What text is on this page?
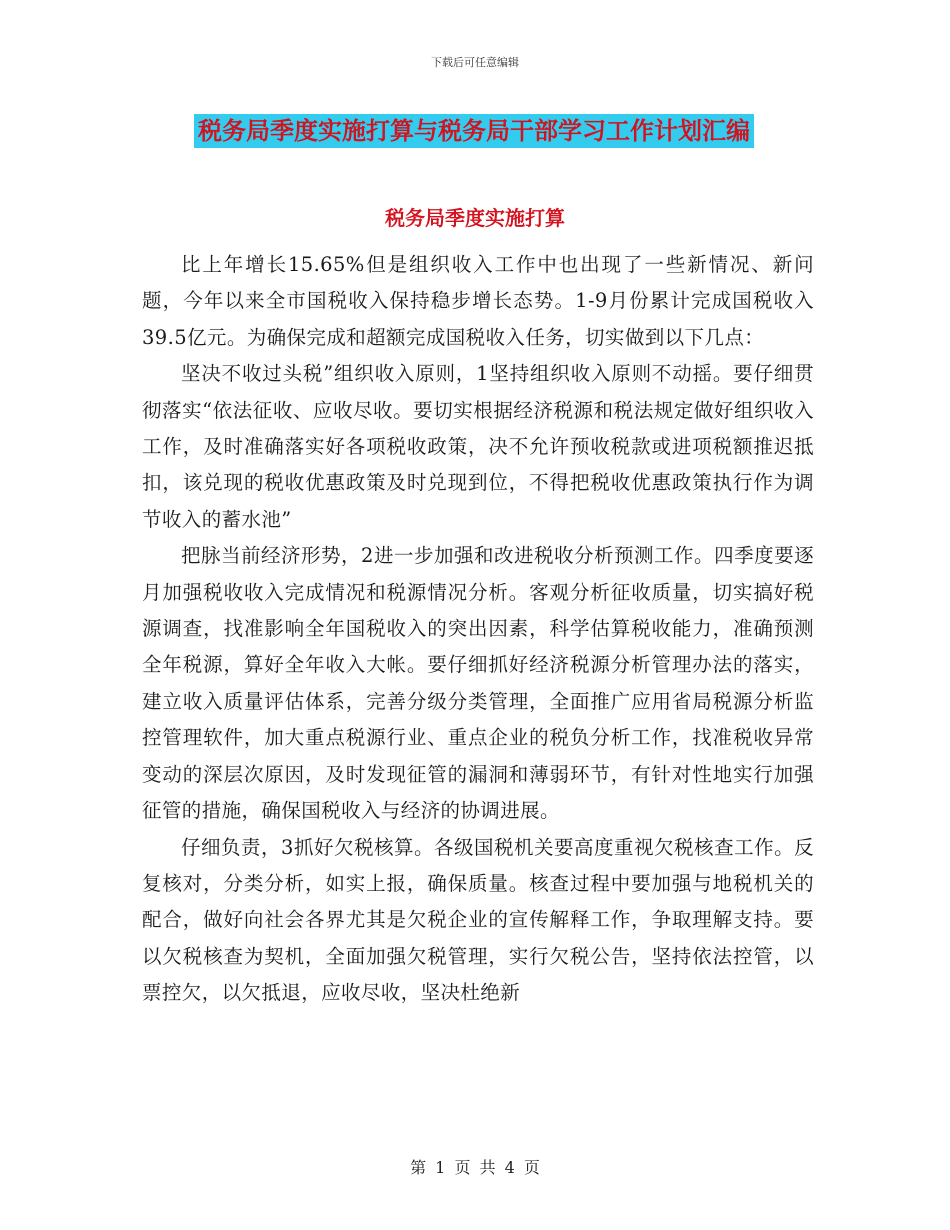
下载后可任意编辑
税务局季度实施打算与税务局干部学习工作计划汇编
税务局季度实施打算

比上年增长15.65%但是组织收入工作中也出现了一些新情况、新问题，今年以来全市国税收入保持稳步增长态势。1-9月份累计完成国税收入39.5亿元。为确保完成和超额完成国税收入任务，切实做到以下几点：

坚决不收过头税”组织收入原则，1坚持组织收入原则不动摇。要仔细贯彻落实“依法征收、应收尽收。要切实根据经济税源和税法规定做好组织收入工作，及时准确落实好各项税收政策，决不允许预收税款或进项税额推迟抵扣，该兑现的税收优惠政策及时兑现到位，不得把税收优惠政策执行作为调节收入的蓄水池”

把脉当前经济形势，2进一步加强和改进税收分析预测工作。四季度要逐月加强税收收入完成情况和税源情况分析。客观分析征收质量，切实搞好税源调查，找准影响全年国税收入的突出因素，科学估算税收能力，准确预测全年税源，算好全年收入大帐。要仔细抓好经济税源分析管理办法的落实，建立收入质量评估体系，完善分级分类管理，全面推广应用省局税源分析监控管理软件，加大重点税源行业、重点企业的税负分析工作，找准税收异常变动的深层次原因，及时发现征管的漏洞和薄弱环节，有针对性地实行加强征管的措施，确保国税收入与经济的协调进展。

仔细负责，3抓好欠税核算。各级国税机关要高度重视欠税核查工作。反复核对，分类分析，如实上报，确保质量。核查过程中要加强与地税机关的配合，做好向社会各界尤其是欠税企业的宣传解释工作，争取理解支持。要以欠税核查为契机，全面加强欠税管理，实行欠税公告，坚持依法控管，以票控欠，以欠抵退，应收尽收，坚决杜绝新

第 1 页 共 4 页
